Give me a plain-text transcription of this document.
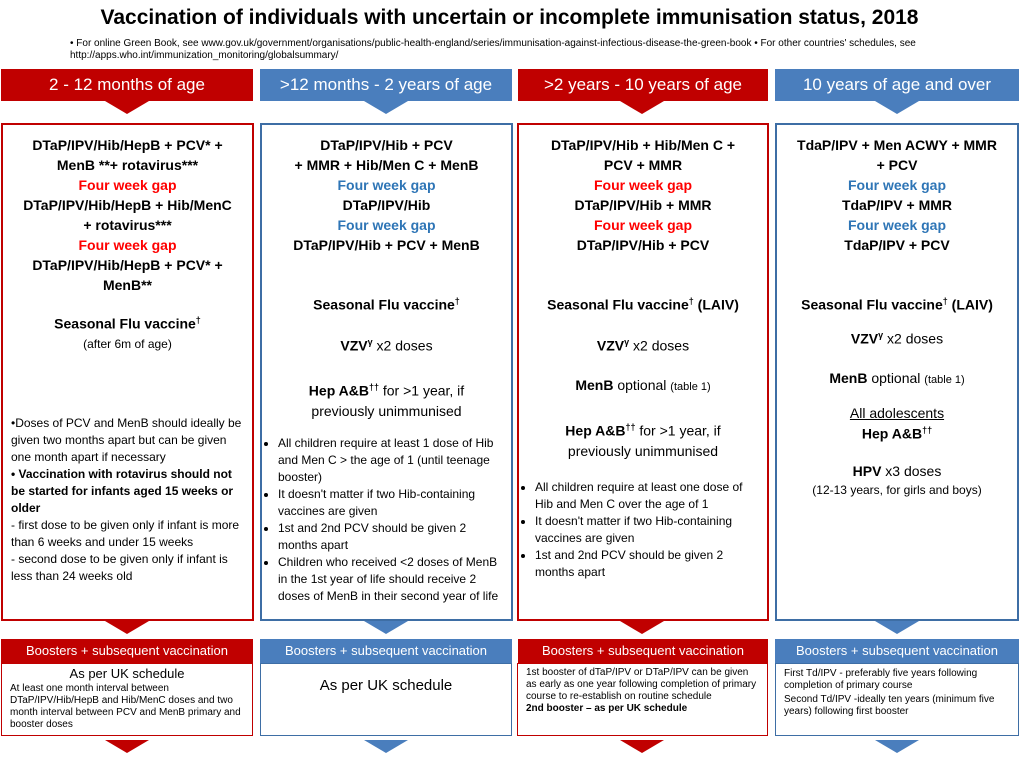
Vaccination of individuals with uncertain or incomplete immunisation status, 2018
• For online Green Book, see www.gov.uk/government/organisations/public-health-england/series/immunisation-against-infectious-disease-the-green-book • For other countries' schedules, see http://apps.who.int/immunization_monitoring/globalsummary/
2 - 12 months of age	>12 months - 2 years of age	>2 years - 10 years of age	10 years of age and over
DTaP/IPV/Hib/HepB + PCV* +
MenB **+ rotavirus***
Four week gap
DTaP/IPV/Hib/HepB + Hib/MenC
+ rotavirus***
Four week gap
DTaP/IPV/Hib/HepB + PCV* +
MenB**
Seasonal Flu vaccine†
(after 6m of age)
•Doses of PCV and MenB should ideally be given two months apart but can be given one month apart if necessary
• Vaccination with rotavirus should not be started for infants aged 15 weeks or older
- first dose to be given only if infant is more than 6 weeks and under 15 weeks
- second dose to be given only if infant is less than 24 weeks old
DTaP/IPV/Hib + PCV
+ MMR + Hib/Men C + MenB
Four week gap
DTaP/IPV/Hib
Four week gap
DTaP/IPV/Hib + PCV + MenB
Seasonal Flu vaccine†
$VZV^\gamma$ x2 doses
Hep A&B†† for >1 year, if previously unimmunised
• All children require at least 1 dose of Hib and Men C > the age of 1 (until teenage booster)
• It doesn't matter if two Hib-containing vaccines are given
• 1st and 2nd PCV should be given 2 months apart
• Children who received <2 doses of MenB in the 1st year of life should receive 2 doses of MenB in their second year of life
DTaP/IPV/Hib + Hib/Men C +
PCV + MMR
Four week gap
DTaP/IPV/Hib + MMR
Four week gap
DTaP/IPV/Hib + PCV
Seasonal Flu vaccine† (LAIV)
$VZV^\gamma$ x2 doses
MenB optional (table 1)
Hep A&B†† for >1 year, if previously unimmunised
• All children require at least one dose of Hib and Men C over the age of 1
• It doesn't matter if two Hib-containing vaccines are given
• 1st and 2nd PCV should be given 2 months apart
TdaP/IPV + Men ACWY + MMR
+ PCV
Four week gap
TdaP/IPV + MMR
Four week gap
TdaP/IPV + PCV
Seasonal Flu vaccine† (LAIV)
$VZV^\gamma$ x2 doses
MenB optional (table 1)
All adolescents
Hep A&B††
HPV x3 doses
(12-13 years, for girls and boys)
Boosters + subsequent vaccination	Boosters + subsequent vaccination	Boosters + subsequent vaccination	Boosters + subsequent vaccination
As per UK schedule
At least one month interval between DTaP/IPV/Hib/HepB and Hib/MenC doses and two month interval between PCV and MenB primary and booster doses
As per UK schedule
1st booster of dTaP/IPV or DTaP/IPV can be given as early as one year following completion of primary course to re-establish on routine schedule
2nd booster – as per UK schedule
First Td/IPV - preferably five years following completion of primary course
Second Td/IPV -ideally ten years (minimum five years) following first booster
